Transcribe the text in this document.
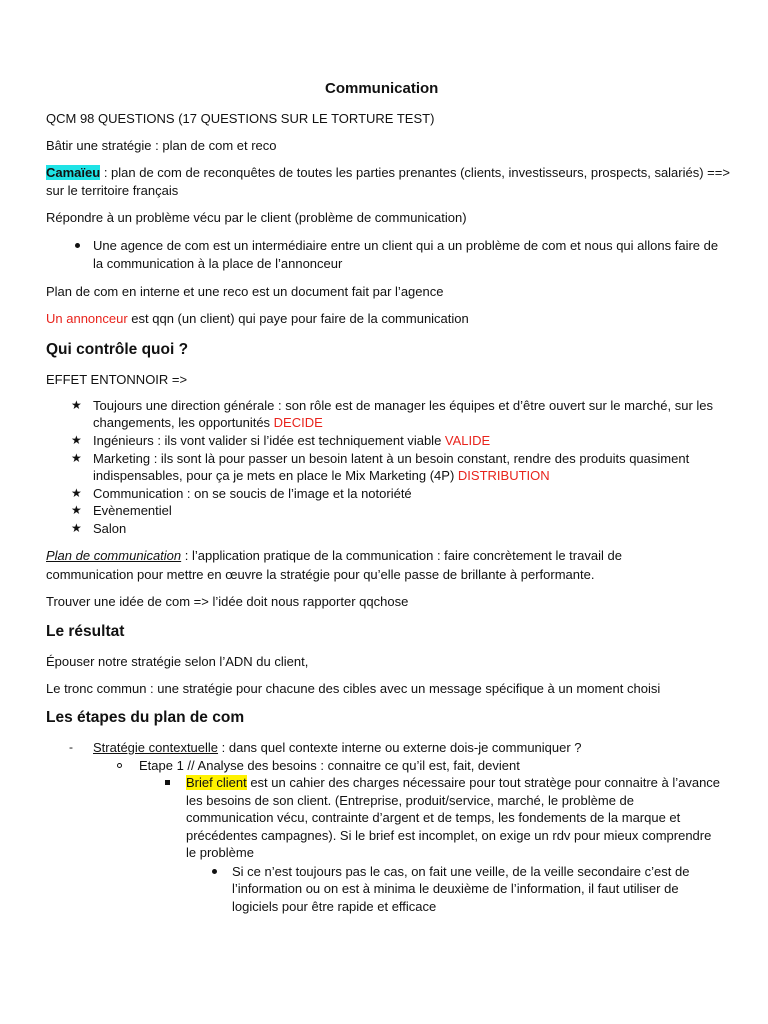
Communication
QCM 98 QUESTIONS (17 QUESTIONS SUR LE TORTURE TEST)
Bâtir une stratégie : plan de com et reco
Camaïeu : plan de com de reconquêtes de toutes les parties prenantes (clients, investisseurs, prospects, salariés) ==>
sur le territoire français
Répondre à un problème vécu par le client (problème de communication)
Une agence de com est un intermédiaire entre un client qui a un problème de com et nous qui allons faire de
la communication à la place de l’annonceur
Plan de com en interne et une reco est un document fait par l’agence
Un annonceur est qqn (un client) qui paye pour faire de la communication
Qui contrôle quoi ?
EFFET ENTONNOIR =>
★ Toujours une direction générale : son rôle est de manager les équipes et d’être ouvert sur le marché, sur les
changements, les opportunités DECIDE
★ Ingénieurs : ils vont valider si l’idée est techniquement viable VALIDE
★ Marketing : ils sont là pour passer un besoin latent à un besoin constant, rendre des produits quasiment
indispensables, pour ça je mets en place le Mix Marketing (4P) DISTRIBUTION
★ Communication : on se soucis de l’image et la notoriété
★ Evènementiel
★ Salon
Plan de communication : l’application pratique de la communication : faire concrètement le travail de
communication pour mettre en œuvre la stratégie pour qu’elle passe de brillante à performante.
Trouver une idée de com => l’idée doit nous rapporter qqchose
Le résultat
Épouser notre stratégie selon l’ADN du client,
Le tronc commun : une stratégie pour chacune des cibles avec un message spécifique à un moment choisi
Les étapes du plan de com
- Stratégie contextuelle : dans quel contexte interne ou externe dois-je communiquer ?
Etape 1 // Analyse des besoins : connaitre ce qu’il est, fait, devient
Brief client est un cahier des charges nécessaire pour tout stratège pour connaitre à l’avance
les besoins de son client. (Entreprise, produit/service, marché, le problème de
communication vécu, contrainte d’argent et de temps, les fondements de la marque et
précédentes campagnes). Si le brief est incomplet, on exige un rdv pour mieux comprendre
le problème
Si ce n’est toujours pas le cas, on fait une veille, de la veille secondaire c’est de
l’information ou on est à minima le deuxième de l’information, il faut utiliser de
logiciels pour être rapide et efficace
